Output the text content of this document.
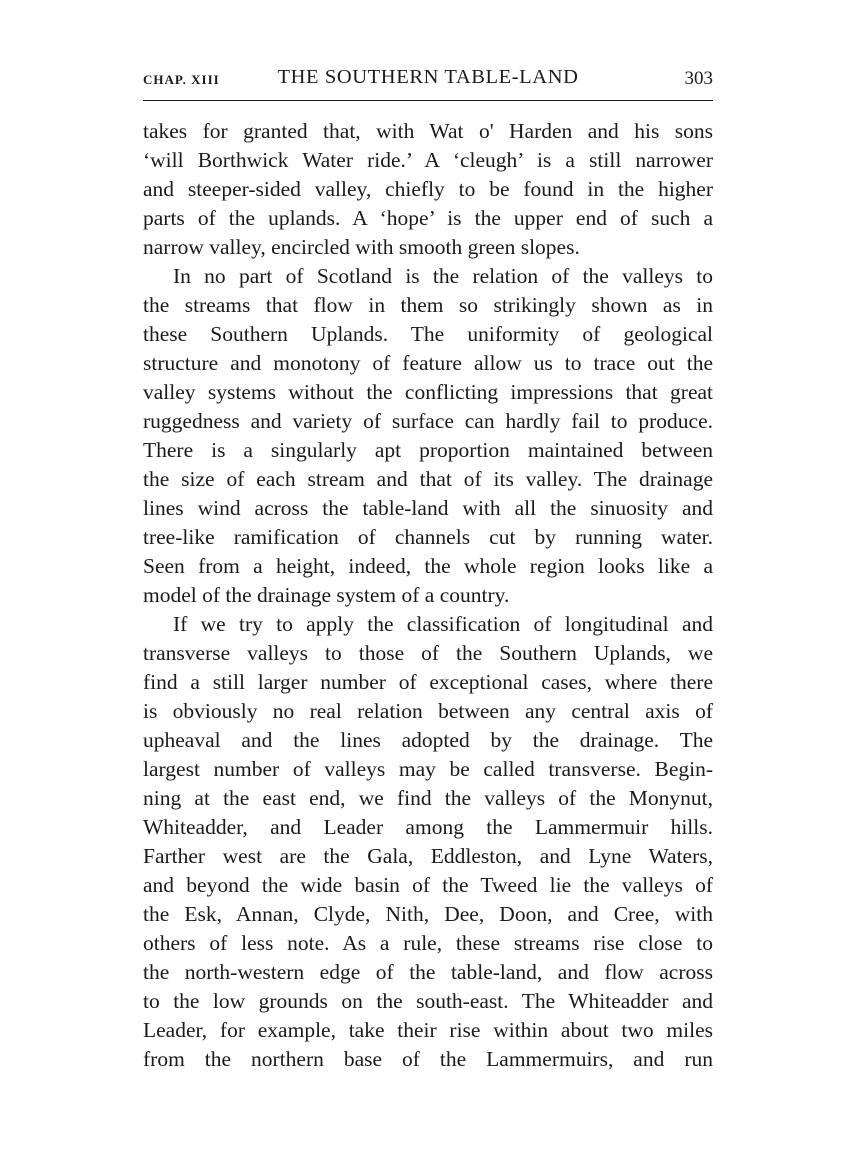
CHAP. XIII	THE SOUTHERN TABLE-LAND	303
takes for granted that, with Wat o' Harden and his sons
‘will Borthwick Water ride.’ A ‘cleugh’ is a still narrower
and steeper-sided valley, chiefly to be found in the higher
parts of the uplands. A ‘hope’ is the upper end of such a
narrow valley, encircled with smooth green slopes.
In no part of Scotland is the relation of the valleys to
the streams that flow in them so strikingly shown as in
these Southern Uplands. The uniformity of geological
structure and monotony of feature allow us to trace out the
valley systems without the conflicting impressions that great
ruggedness and variety of surface can hardly fail to produce.
There is a singularly apt proportion maintained between
the size of each stream and that of its valley. The drainage
lines wind across the table-land with all the sinuosity and
tree-like ramification of channels cut by running water.
Seen from a height, indeed, the whole region looks like a
model of the drainage system of a country.
If we try to apply the classification of longitudinal and
transverse valleys to those of the Southern Uplands, we
find a still larger number of exceptional cases, where there
is obviously no real relation between any central axis of
upheaval and the lines adopted by the drainage. The
largest number of valleys may be called transverse. Begin-
ning at the east end, we find the valleys of the Monynut,
Whiteadder, and Leader among the Lammermuir hills.
Farther west are the Gala, Eddleston, and Lyne Waters,
and beyond the wide basin of the Tweed lie the valleys of
the Esk, Annan, Clyde, Nith, Dee, Doon, and Cree, with
others of less note. As a rule, these streams rise close to
the north-western edge of the table-land, and flow across
to the low grounds on the south-east. The Whiteadder and
Leader, for example, take their rise within about two miles
from the northern base of the Lammermuirs, and run
